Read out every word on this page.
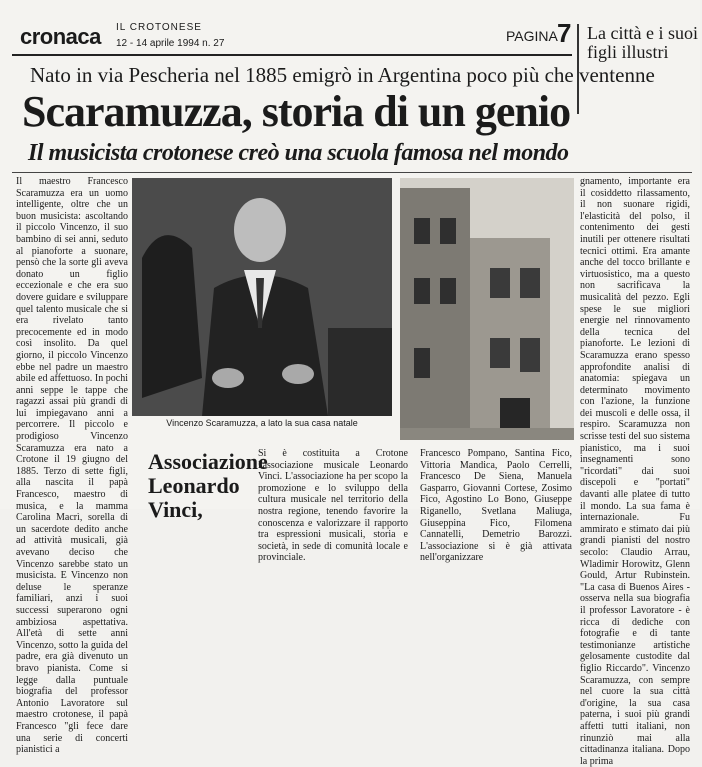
cronaca IL CROTONESE
12 - 14 aprile 1994 n. 27	PAGINA 7 La città e i suoi figli illustri
Nato in via Pescheria nel 1885 emigrò in Argentina poco più che ventenne
Scaramuzza, storia di un genio
Il musicista crotonese creò una scuola famosa nel mondo
Il maestro Francesco Scaramuzza era un uomo intelligente, oltre che un buon musicista: ascoltando il piccolo Vincenzo, il suo bambino di sei anni, seduto al pianoforte a suonare, pensò che la sorte gli aveva donato un figlio eccezionale e che era suo dovere guidare e sviluppare quel talento musicale che si era rivelato tanto precocemente ed in modo così insolito. Da quel giorno, il piccolo Vincenzo ebbe nel padre un maestro abile ed affettuoso. In pochi anni seppe le tappe che ragazzi assai più grandi di lui impiegavano anni a percorrere. Il piccolo e prodigioso Vincenzo Scaramuzza era nato a Crotone il 19 giugno del 1885. Terzo di sette figli, alla nascita il papà Francesco, maestro di musica, e la mamma Carolina Macrì, sorella di un sacerdote dedito anche ad attività musicali, già avevano deciso che Vincenzo sarebbe stato un musicista. E Vincenzo non deluse le speranze familiari, anzi i suoi successi superarono ogni ambiziosa aspettativa. All'età di sette anni Vincenzo, sotto la guida del padre, era già divenuto un bravo pianista. Come si legge dalla puntuale biografia del professor Antonio Lavoratore sul maestro crotonese, il papà Francesco "gli fece dare una serie di concerti pianistici a
Vincenzo Scaramuzza, a lato la sua casa natale
gnamento, importante era il cosiddetto rilassamento, il non suonare rigidi, l'elasticità del polso, il contenimento dei gesti inutili per ottenere risultati tecnici ottimi. Era amante anche del tocco brillante e virtuosistico, ma a questo non sacrificava la musicalità del pezzo. Egli spese le sue migliori energie nel rinnovamento della tecnica del pianoforte. Le lezioni di Scaramuzza erano spesso approfondite analisi di anatomia: spiegava un determinato movimento con l'azione, la funzione dei muscoli e delle ossa, il respiro. Scaramuzza non scrisse testi del suo sistema pianistico, ma i suoi insegnamenti sono "ricordati" dai suoi discepoli e "portati" davanti alle platee di tutto il mondo. La sua fama è internazionale. Fu ammirato e stimato dai più grandi pianisti del nostro secolo: Claudio Arrau, Wladimir Horowitz, Glenn Gould, Artur Rubinstein. "La casa di Buenos Aires - osserva nella sua biografia il professor Lavoratore - è ricca di dediche con fotografie e di tante testimonianze artistiche gelosamente custodite dal figlio Riccardo". Vincenzo Scaramuzza, con sempre nel cuore la sua città d'origine, la sua casa paterna, i suoi più grandi affetti tutti italiani, non rinunziò mai alla cittadinanza italiana. Dopo la prima
Associazione Leonardo Vinci,
Si è costituita a Crotone l'associazione musicale Leonardo Vinci. L'associazione ha per scopo la promozione e lo sviluppo della cultura musicale nel territorio della nostra regione, tenendo favorire la conoscenza e valorizzare il rapporto tra espressioni musicali, storia e società, in sede di comunità locale e provinciale.
Francesco Pompano, Santina Fico, Vittoria Mandica, Paolo Cerrelli, Francesco De Siena, Manuela Gasparro, Giovanni Cortese, Zosimo Fico, Agostino Lo Bono, Giuseppe Riganello, Svetlana Maliuga, Giuseppina Fico, Filomena Cannatelli, Demetrio Barozzi. L'associazione si è già attivata nell'organizzare
